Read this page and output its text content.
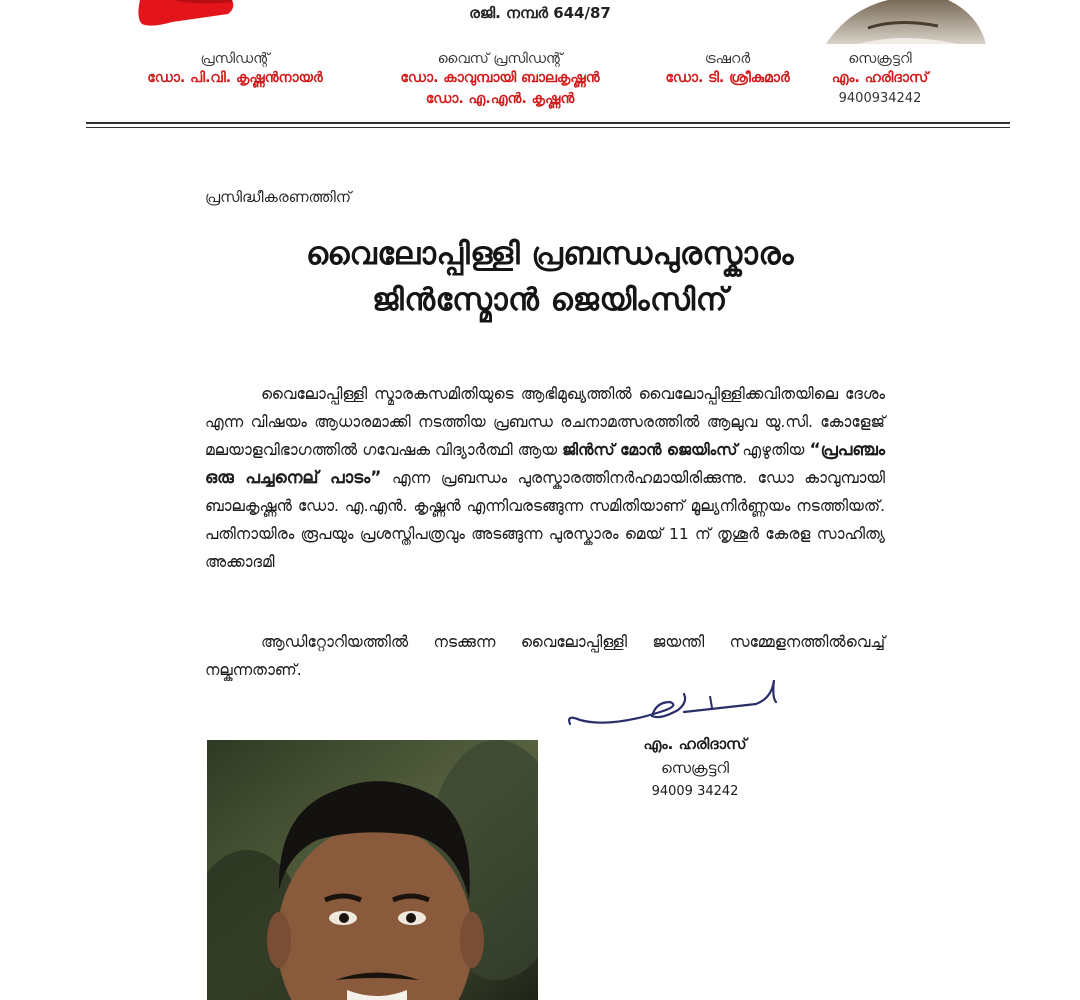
രജി. നമ്പർ 644/87
പ്രസിഡന്റ്
ഡോ. പി.വി. കൃഷ്ണൻനായർ
വൈസ് പ്രസിഡന്റ്
ഡോ. കാവുമ്പായി ബാലകൃഷ്ണൻ
ഡോ. എ.എൻ. കൃഷ്ണൻ
ട്രഷറർ
ഡോ. ടി. ശ്രീകുമാർ
സെക്രട്ടറി
എം. ഹരിദാസ്
9400934242
പ്രസിദ്ധീകരണത്തിന്
വൈലോപ്പിള്ളി പ്രബന്ധപുരസ്കാരം
ജിൻസ്മോൻ ജെയിംസിന്
വൈലോപ്പിള്ളി സ്മാരകസമിതിയുടെ ആഭിമുഖ്യത്തിൽ വൈലോപ്പിള്ളിക്കവിതയിലെ ദേശം എന്ന വിഷയം ആധാരമാക്കി നടത്തിയ പ്രബന്ധ രചനാമത്സരത്തിൽ ആലുവ യു.സി. കോളേജ് മലയാളവിഭാഗത്തിൽ ഗവേഷക വിദ്യാർത്ഥി ആയ ജിൻസ് മോൻ ജെയിംസ് എഴുതിയ “പ്രപഞ്ചം ഒരു പച്ചനെല് പാടം” എന്ന പ്രബന്ധം പുരസ്കാരത്തിനർഹമായിരിക്കുന്നു. ഡോ കാവുമ്പായി ബാലകൃഷ്ണൻ ഡോ. എ.എൻ. കൃഷ്ണൻ എന്നിവരടങ്ങുന്ന സമിതിയാണ് മൂല്യനിർണ്ണയം നടത്തിയത്. പതിനായിരം രൂപയും പ്രശസ്തിപത്രവും അടങ്ങുന്ന പുരസ്കാരം മെയ് 11 ന് തൃശൂർ കേരള സാഹിത്യ അക്കാദമി
ആഡിറ്റോറിയത്തിൽ നടക്കുന്ന വൈലോപ്പിള്ളി ജയന്തി സമ്മേളനത്തിൽവെച്ച് നല്കുന്നതാണ്.
എം. ഹരിദാസ്
സെക്രട്ടറി
94009 34242
